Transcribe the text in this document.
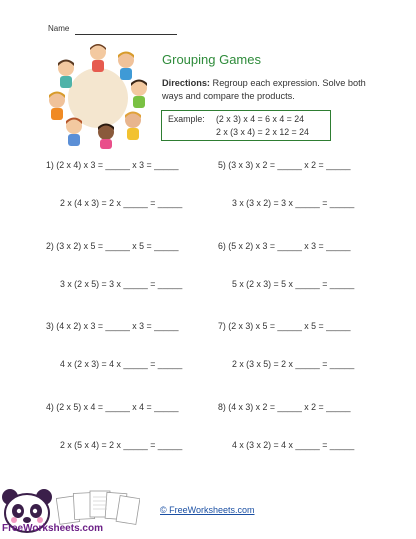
Name
Grouping Games
Directions: Regroup each expression. Solve both ways and compare the products.
Example: (2 x 3) x 4 = 6 x 4 = 24
2 x (3 x 4) = 2 x 12 = 24
1) (2 x 4) x 3 = _____ x 3 = _____
2 x (4 x 3) = 2 x _____ = _____
2) (3 x 2) x 5 = _____ x 5 = _____
3 x (2 x 5) = 3 x _____ = _____
3) (4 x 2) x 3 = _____ x 3 = _____
4 x (2 x 3) = 4 x _____ = _____
4) (2 x 5) x 4 = _____ x 4 = _____
2 x (5 x 4) = 2 x _____ = _____
5) (3 x 3) x 2 = _____ x 2 = _____
3 x (3 x 2) = 3 x _____ = _____
6) (5 x 2) x 3 = _____ x 3 = _____
5 x (2 x 3) = 5 x _____ = _____
7) (2 x 3) x 5 = _____ x 5 = _____
2 x (3 x 5) = 2 x _____ = _____
8) (4 x 3) x 2 = _____ x 2 = _____
4 x (3 x 2) = 4 x _____ = _____
FreeWorksheets.com
© FreeWorksheets.com
